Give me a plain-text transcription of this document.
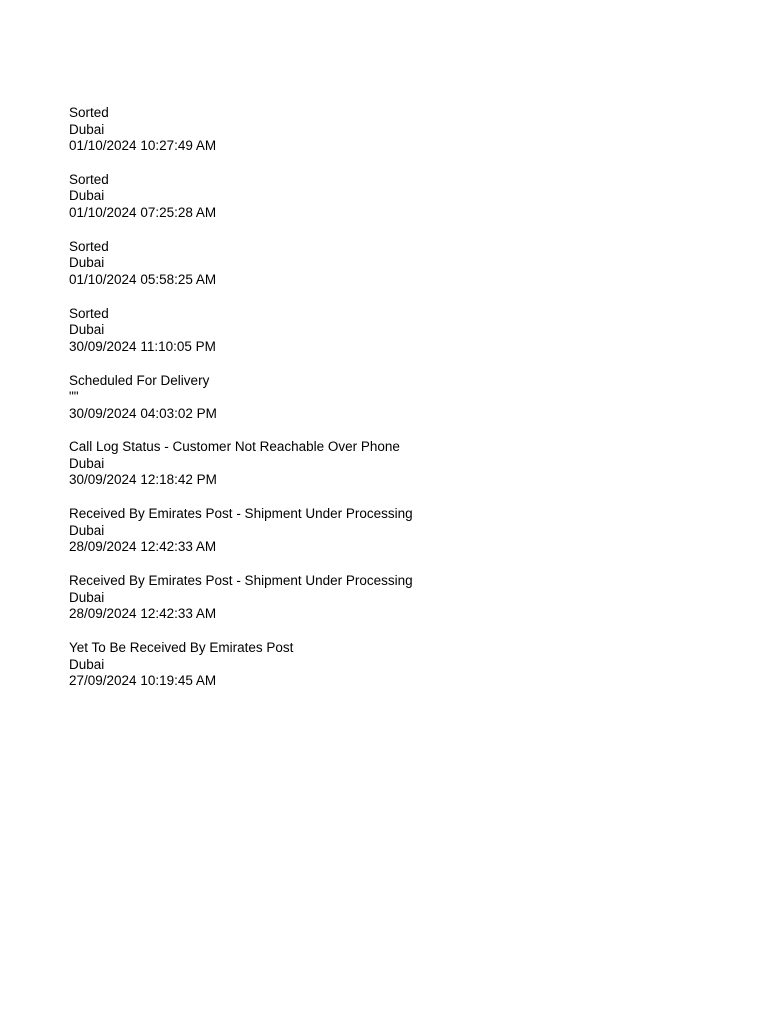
Sorted
Dubai
01/10/2024 10:27:49 AM
Sorted
Dubai
01/10/2024 07:25:28 AM
Sorted
Dubai
01/10/2024 05:58:25 AM
Sorted
Dubai
30/09/2024 11:10:05 PM
Scheduled For Delivery
""
30/09/2024 04:03:02 PM
Call Log Status - Customer Not Reachable Over Phone
Dubai
30/09/2024 12:18:42 PM
Received By Emirates Post - Shipment Under Processing
Dubai
28/09/2024 12:42:33 AM
Received By Emirates Post - Shipment Under Processing
Dubai
28/09/2024 12:42:33 AM
Yet To Be Received By Emirates Post
Dubai
27/09/2024 10:19:45 AM
